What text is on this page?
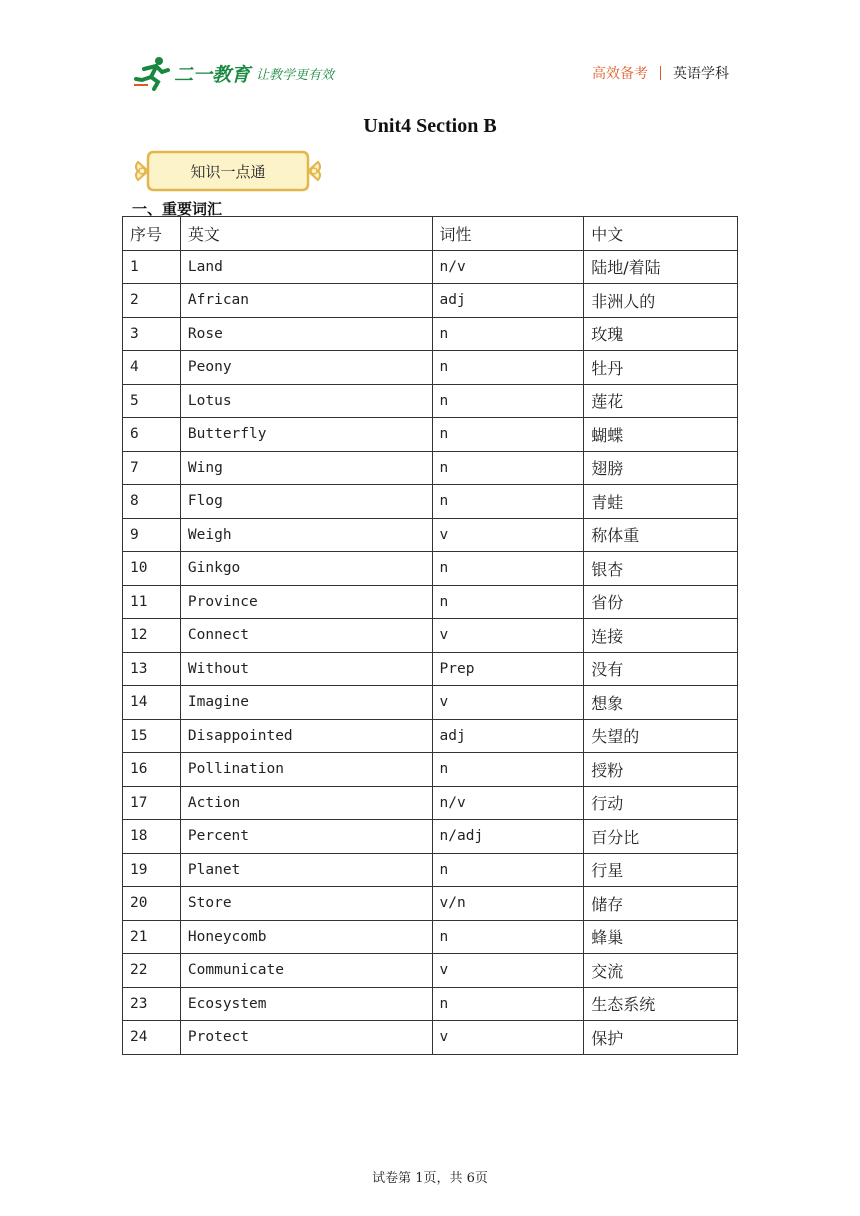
二一教育 让教学更有效	高效备考 英语学科
Unit4 Section B
知识一点通
一、重要词汇
序号	英文	词性	中文
1	Land	n/v	陆地/着陆
2	African	adj	非洲人的
3	Rose	n	玫瑰
4	Peony	n	牡丹
5	Lotus	n	莲花
6	Butterfly	n	蝴蝶
7	Wing	n	翅膀
8	Flog	n	青蛙
9	Weigh	v	称体重
10	Ginkgo	n	银杏
11	Province	n	省份
12	Connect	v	连接
13	Without	Prep	没有
14	Imagine	v	想象
15	Disappointed	adj	失望的
16	Pollination	n	授粉
17	Action	n/v	行动
18	Percent	n/adj	百分比
19	Planet	n	行星
20	Store	v/n	储存
21	Honeycomb	n	蜂巢
22	Communicate	v	交流
23	Ecosystem	n	生态系统
24	Protect	v	保护
试卷第 1页，共 6页
